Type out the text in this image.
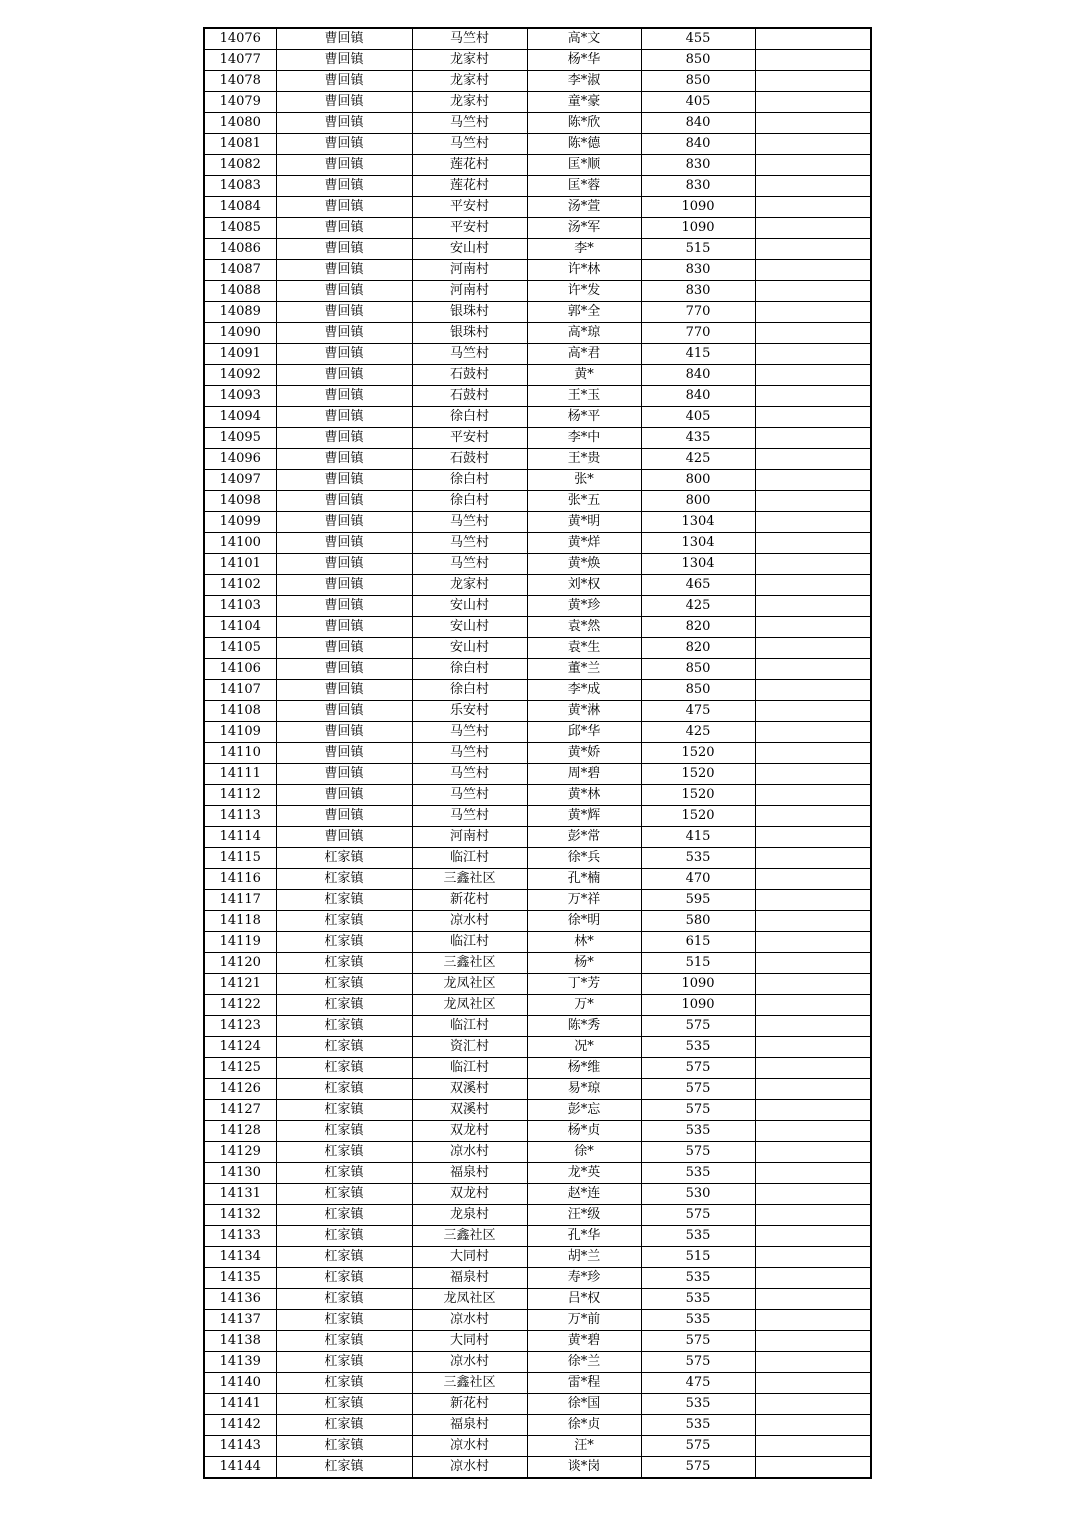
14076	曹回镇	马竺村	高*文	455	
14077	曹回镇	龙家村	杨*华	850	
14078	曹回镇	龙家村	李*淑	850	
14079	曹回镇	龙家村	童*豪	405	
14080	曹回镇	马竺村	陈*欣	840	
14081	曹回镇	马竺村	陈*德	840	
14082	曹回镇	莲花村	匡*顺	830	
14083	曹回镇	莲花村	匡*蓉	830	
14084	曹回镇	平安村	汤*萱	1090	
14085	曹回镇	平安村	汤*军	1090	
14086	曹回镇	安山村	李*	515	
14087	曹回镇	河南村	许*林	830	
14088	曹回镇	河南村	许*发	830	
14089	曹回镇	银珠村	郭*全	770	
14090	曹回镇	银珠村	高*琼	770	
14091	曹回镇	马竺村	高*君	415	
14092	曹回镇	石鼓村	黄*	840	
14093	曹回镇	石鼓村	王*玉	840	
14094	曹回镇	徐白村	杨*平	405	
14095	曹回镇	平安村	李*中	435	
14096	曹回镇	石鼓村	王*贵	425	
14097	曹回镇	徐白村	张*	800	
14098	曹回镇	徐白村	张*五	800	
14099	曹回镇	马竺村	黄*明	1304	
14100	曹回镇	马竺村	黄*烊	1304	
14101	曹回镇	马竺村	黄*焕	1304	
14102	曹回镇	龙家村	刘*权	465	
14103	曹回镇	安山村	黄*珍	425	
14104	曹回镇	安山村	袁*然	820	
14105	曹回镇	安山村	袁*生	820	
14106	曹回镇	徐白村	董*兰	850	
14107	曹回镇	徐白村	李*成	850	
14108	曹回镇	乐安村	黄*淋	475	
14109	曹回镇	马竺村	邱*华	425	
14110	曹回镇	马竺村	黄*娇	1520	
14111	曹回镇	马竺村	周*碧	1520	
14112	曹回镇	马竺村	黄*林	1520	
14113	曹回镇	马竺村	黄*辉	1520	
14114	曹回镇	河南村	彭*常	415	
14115	杠家镇	临江村	徐*兵	535	
14116	杠家镇	三鑫社区	孔*楠	470	
14117	杠家镇	新花村	万*祥	595	
14118	杠家镇	凉水村	徐*明	580	
14119	杠家镇	临江村	林*	615	
14120	杠家镇	三鑫社区	杨*	515	
14121	杠家镇	龙凤社区	丁*芳	1090	
14122	杠家镇	龙凤社区	万*	1090	
14123	杠家镇	临江村	陈*秀	575	
14124	杠家镇	资汇村	况*	535	
14125	杠家镇	临江村	杨*维	575	
14126	杠家镇	双溪村	易*琼	575	
14127	杠家镇	双溪村	彭*忘	575	
14128	杠家镇	双龙村	杨*贞	535	
14129	杠家镇	凉水村	徐*	575	
14130	杠家镇	福泉村	龙*英	535	
14131	杠家镇	双龙村	赵*连	530	
14132	杠家镇	龙泉村	汪*级	575	
14133	杠家镇	三鑫社区	孔*华	535	
14134	杠家镇	大同村	胡*兰	515	
14135	杠家镇	福泉村	寿*珍	535	
14136	杠家镇	龙凤社区	吕*权	535	
14137	杠家镇	凉水村	万*前	535	
14138	杠家镇	大同村	黄*碧	575	
14139	杠家镇	凉水村	徐*兰	575	
14140	杠家镇	三鑫社区	雷*程	475	
14141	杠家镇	新花村	徐*国	535	
14142	杠家镇	福泉村	徐*贞	535	
14143	杠家镇	凉水村	汪*	575	
14144	杠家镇	凉水村	谈*岗	575	
